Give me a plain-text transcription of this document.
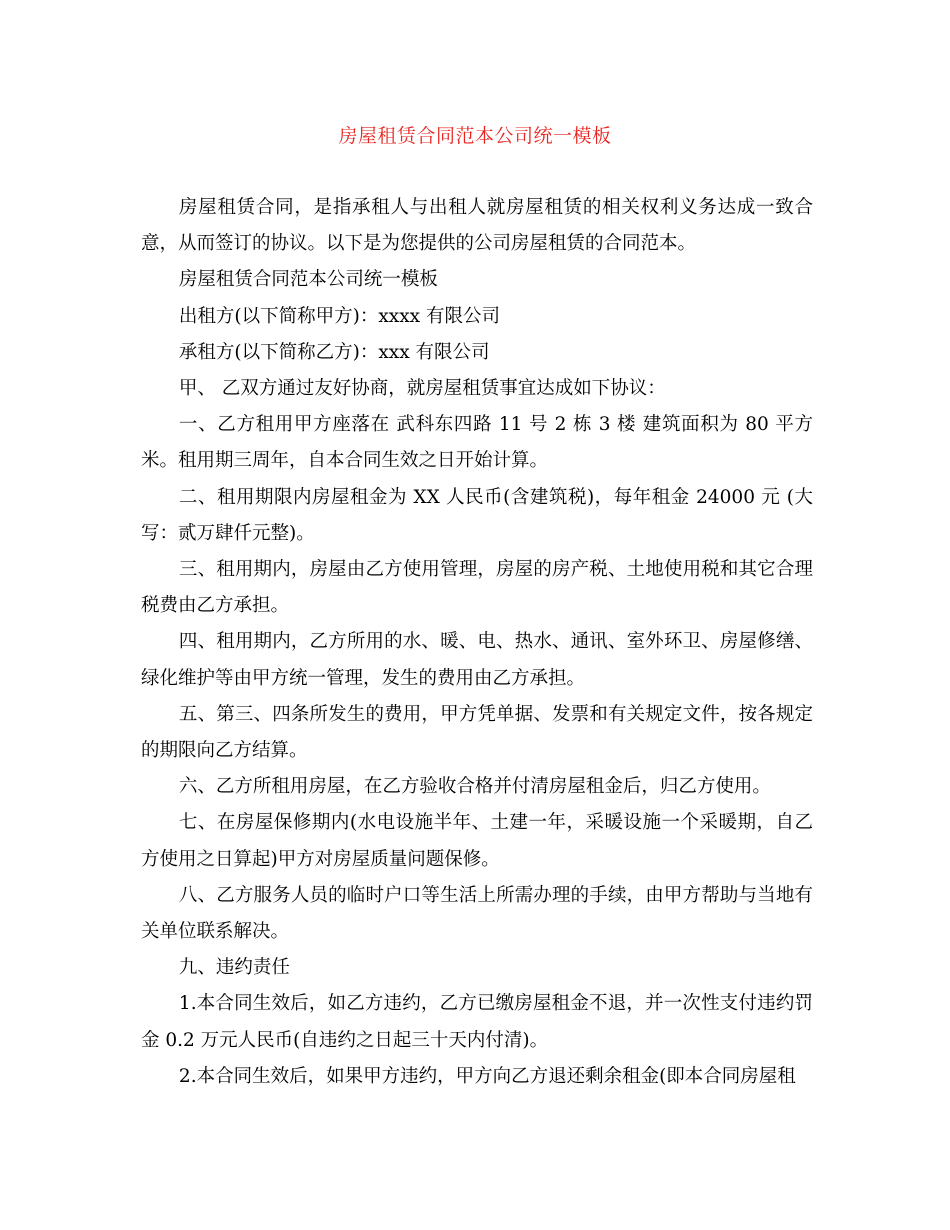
房屋租赁合同范本公司统一模板

房屋租赁合同，是指承租人与出租人就房屋租赁的相关权利义务达成一致合意，从而签订的协议。以下是为您提供的公司房屋租赁的合同范本。

房屋租赁合同范本公司统一模板

出租方(以下简称甲方)：xxxx 有限公司

承租方(以下简称乙方)：xxx 有限公司

甲、 乙双方通过友好协商，就房屋租赁事宜达成如下协议：

一、乙方租用甲方座落在 武科东四路 11 号 2 栋 3 楼 建筑面积为 80 平方米。租用期三周年，自本合同生效之日开始计算。

二、租用期限内房屋租金为 XX 人民币(含建筑税)，每年租金 24000 元 (大写：贰万肆仟元整)。

三、租用期内，房屋由乙方使用管理，房屋的房产税、土地使用税和其它合理税费由乙方承担。

四、租用期内，乙方所用的水、暖、电、热水、通讯、室外环卫、房屋修缮、绿化维护等由甲方统一管理，发生的费用由乙方承担。

五、第三、四条所发生的费用，甲方凭单据、发票和有关规定文件，按各规定的期限向乙方结算。

六、乙方所租用房屋，在乙方验收合格并付清房屋租金后，归乙方使用。

七、在房屋保修期内(水电设施半年、土建一年，采暖设施一个采暖期，自乙方使用之日算起)甲方对房屋质量问题保修。

八、乙方服务人员的临时户口等生活上所需办理的手续，由甲方帮助与当地有关单位联系解决。

九、违约责任

1.本合同生效后，如乙方违约，乙方已缴房屋租金不退，并一次性支付违约罚金 0.2 万元人民币(自违约之日起三十天内付清)。

2.本合同生效后，如果甲方违约，甲方向乙方退还剩余租金(即本合同房屋租
